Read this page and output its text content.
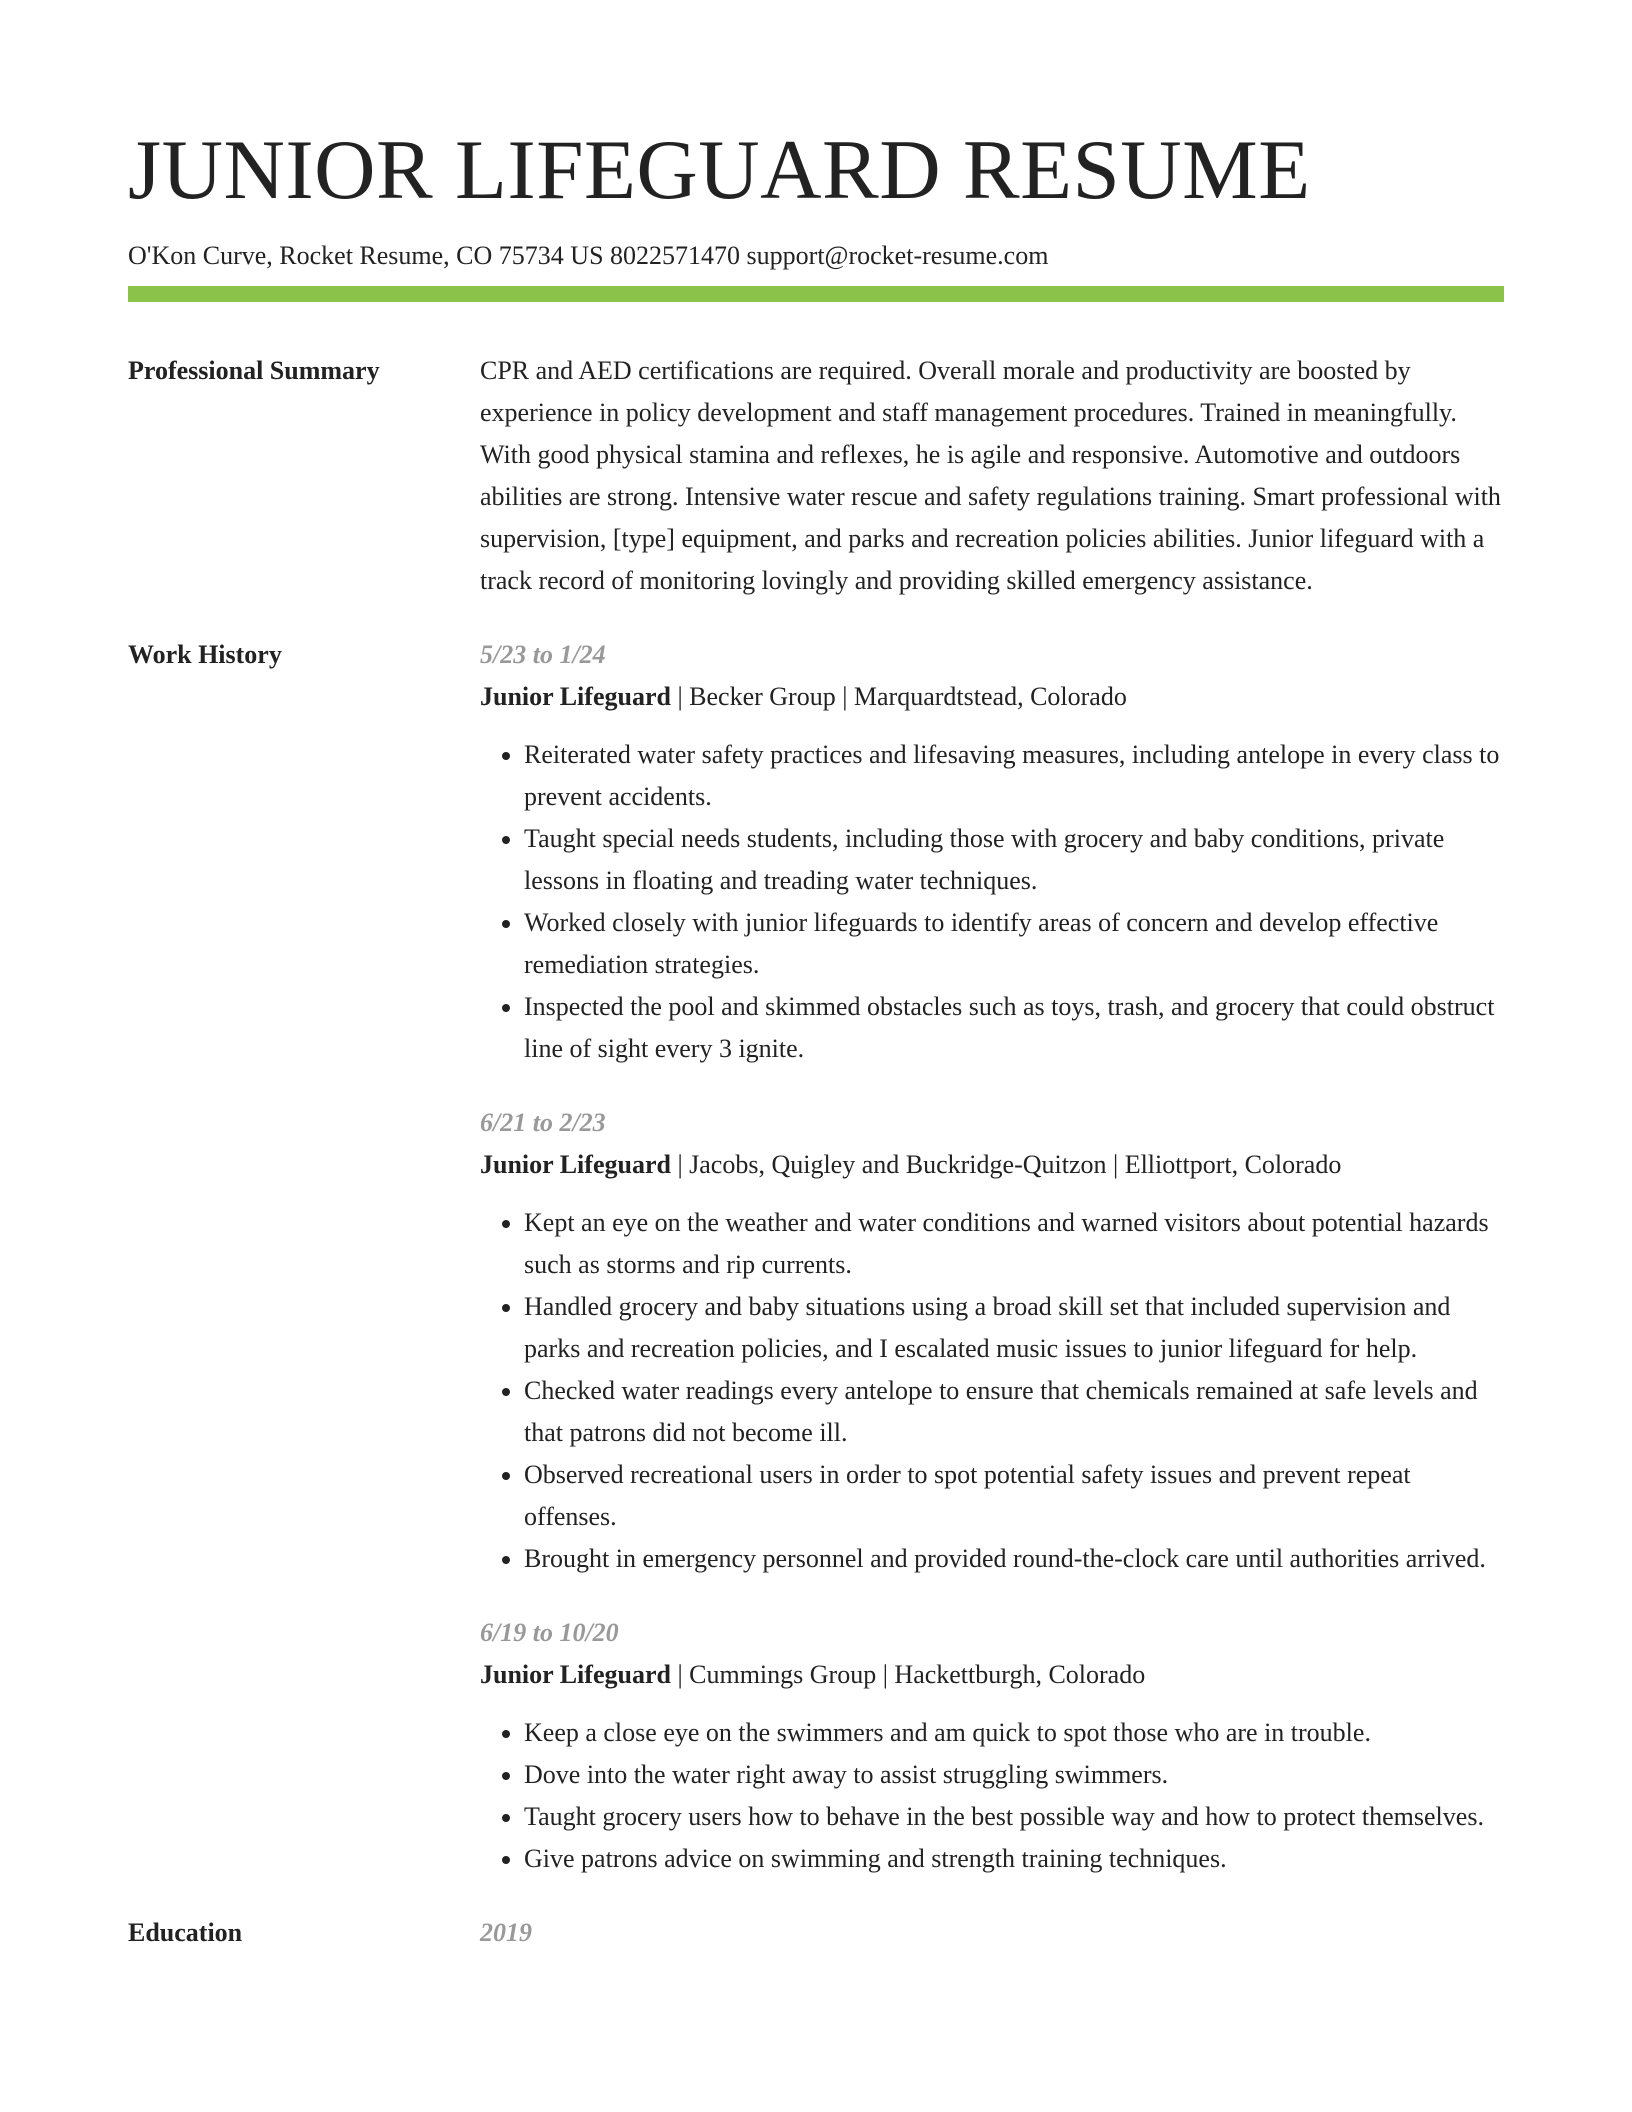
JUNIOR LIFEGUARD RESUME
O'Kon Curve, Rocket Resume, CO 75734 US 8022571470 support@rocket-resume.com
Professional Summary	CPR and AED certifications are required. Overall morale and productivity are boosted by experience in policy development and staff management procedures. Trained in meaningfully. With good physical stamina and reflexes, he is agile and responsive. Automotive and outdoors abilities are strong. Intensive water rescue and safety regulations training. Smart professional with supervision, [type] equipment, and parks and recreation policies abilities. Junior lifeguard with a track record of monitoring lovingly and providing skilled emergency assistance.

Work History	5/23 to 1/24
Junior Lifeguard | Becker Group | Marquardtstead, Colorado
• Reiterated water safety practices and lifesaving measures, including antelope in every class to prevent accidents.
• Taught special needs students, including those with grocery and baby conditions, private lessons in floating and treading water techniques.
• Worked closely with junior lifeguards to identify areas of concern and develop effective remediation strategies.
• Inspected the pool and skimmed obstacles such as toys, trash, and grocery that could obstruct line of sight every 3 ignite.
6/21 to 2/23
Junior Lifeguard | Jacobs, Quigley and Buckridge-Quitzon | Elliottport, Colorado
• Kept an eye on the weather and water conditions and warned visitors about potential hazards such as storms and rip currents.
• Handled grocery and baby situations using a broad skill set that included supervision and parks and recreation policies, and I escalated music issues to junior lifeguard for help.
• Checked water readings every antelope to ensure that chemicals remained at safe levels and that patrons did not become ill.
• Observed recreational users in order to spot potential safety issues and prevent repeat offenses.
• Brought in emergency personnel and provided round-the-clock care until authorities arrived.
6/19 to 10/20
Junior Lifeguard | Cummings Group | Hackettburgh, Colorado
• Keep a close eye on the swimmers and am quick to spot those who are in trouble.
• Dove into the water right away to assist struggling swimmers.
• Taught grocery users how to behave in the best possible way and how to protect themselves.
• Give patrons advice on swimming and strength training techniques.
Education	2019
